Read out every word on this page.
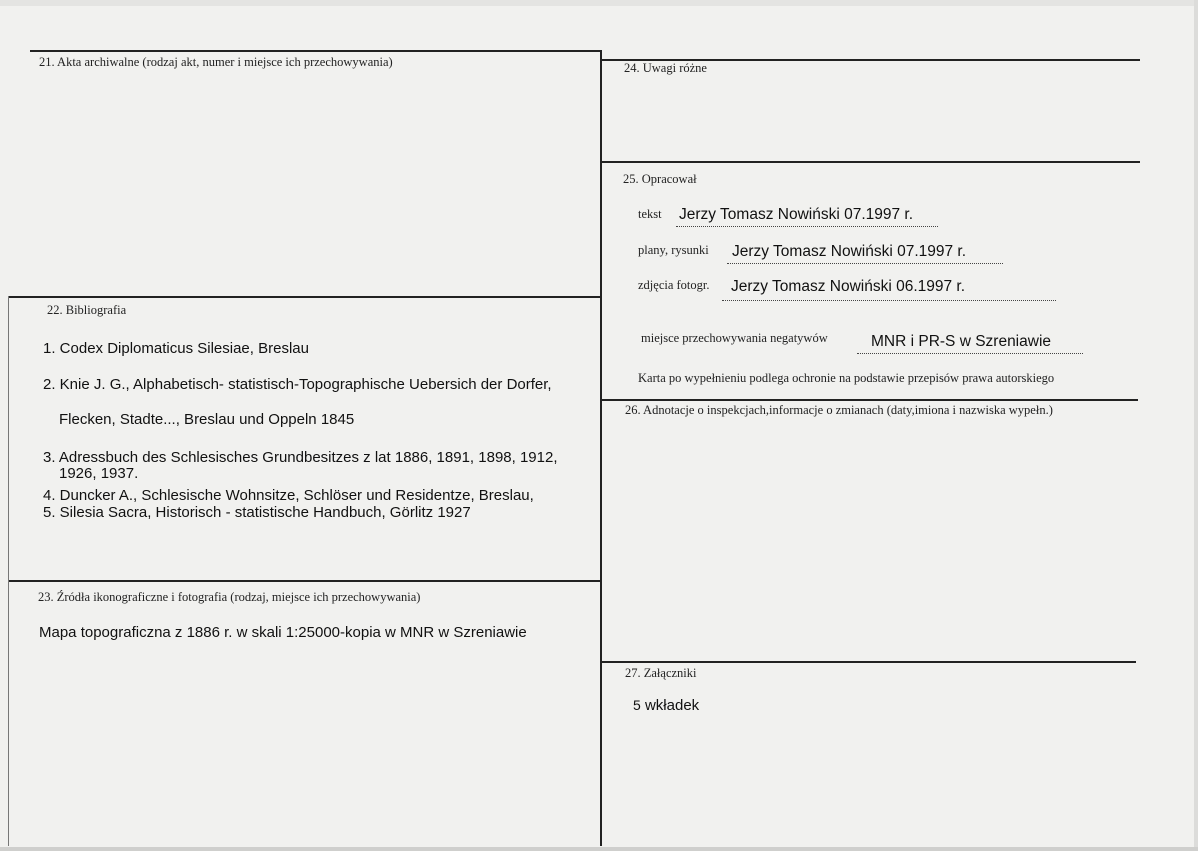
21. Akta archiwalne (rodzaj akt, numer i miejsce ich przechowywania)
22. Bibliografia
1. Codex Diplomaticus Silesiae, Breslau
2. Knie J. G., Alphabetisch- statistisch-Topographische Uebersich der Dorfer,
Flecken, Stadte..., Breslau und Oppeln 1845
3. Adressbuch des Schlesisches Grundbesitzes z lat 1886, 1891, 1898, 1912,
1926, 1937.
4. Duncker A., Schlesische Wohnsitze, Schlöser und Residentze, Breslau,
5. Silesia Sacra, Historisch - statistische Handbuch, Görlitz 1927
23. Źródła ikonograficzne i fotografia (rodzaj, miejsce ich przechowywania)
Mapa topograficzna z 1886 r. w skali 1:25000-kopia w MNR w Szreniawie
24. Uwagi różne
25. Opracował
tekst Jerzy Tomasz Nowiński 07.1997 r.
plany, rysunki Jerzy Tomasz Nowiński 07.1997 r.
zdjęcia fotogr. Jerzy Tomasz Nowiński 06.1997 r.
miejsce przechowywania negatywów	MNR i PR-S w Szreniawie
Karta po wypełnieniu podlega ochronie na podstawie przepisów prawa autorskiego
26. Adnotacje o inspekcjach,informacje o zmianach (daty,imiona i nazwiska wypełn.)
27. Załączniki
5 wkładek
